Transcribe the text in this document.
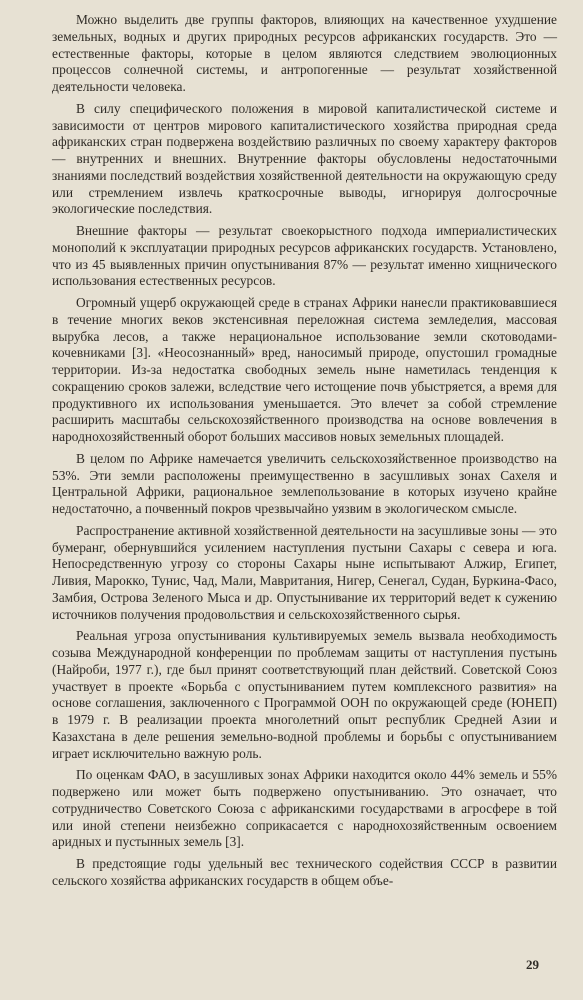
Можно выделить две группы факторов, влияющих на качественное ухудшение земельных, водных и других природных ресурсов африканских государств. Это — естественные факторы, которые в целом являются следствием эволюционных процессов солнечной системы, и антропогенные — результат хозяйственной деятельности человека.

В силу специфического положения в мировой капиталистической системе и зависимости от центров мирового капиталистического хозяйства природная среда африканских стран подвержена воздействию различных по своему характеру факторов — внутренних и внешних. Внутренние факторы обусловлены недостаточными знаниями последствий воздействия хозяйственной деятельности на окружающую среду или стремлением извлечь краткосрочные выводы, игнорируя долгосрочные экологические последствия.

Внешние факторы — результат своекорыстного подхода империалистических монополий к эксплуатации природных ресурсов африканских государств. Установлено, что из 45 выявленных причин опустынивания 87% — результат именно хищнического использования естественных ресурсов.

Огромный ущерб окружающей среде в странах Африки нанесли практиковавшиеся в течение многих веков экстенсивная переложная система земледелия, массовая вырубка лесов, а также нерациональное использование земли скотоводами-кочевниками [3]. «Неосознанный» вред, наносимый природе, опустошил громадные территории. Из-за недостатка свободных земель ныне наметилась тенденция к сокращению сроков залежи, вследствие чего истощение почв убыстряется, а время для продуктивного их использования уменьшается. Это влечет за собой стремление расширить масштабы сельскохозяйственного производства на основе вовлечения в народнохозяйственный оборот больших массивов новых земельных площадей.

В целом по Африке намечается увеличить сельскохозяйственное производство на 53%. Эти земли расположены преимущественно в засушливых зонах Сахеля и Центральной Африки, рациональное землепользование в которых изучено крайне недостаточно, а почвенный покров чрезвычайно уязвим в экологическом смысле.

Распространение активной хозяйственной деятельности на засушливые зоны — это бумеранг, обернувшийся усилением наступления пустыни Сахары с севера и юга. Непосредственную угрозу со стороны Сахары ныне испытывают Алжир, Египет, Ливия, Марокко, Тунис, Чад, Мали, Мавритания, Нигер, Сенегал, Судан, Буркина-Фасо, Замбия, Острова Зеленого Мыса и др. Опустынивание их территорий ведет к сужению источников получения продовольствия и сельскохозяйственного сырья.

Реальная угроза опустынивания культивируемых земель вызвала необходимость созыва Международной конференции по проблемам защиты от наступления пустынь (Найроби, 1977 г.), где был принят соответствующий план действий. Советской Союз участвует в проекте «Борьба с опустыниванием путем комплексного развития» на основе соглашения, заключенного с Программой ООН по окружающей среде (ЮНЕП) в 1979 г. В реализации проекта многолетний опыт республик Средней Азии и Казахстана в деле решения земельно-водной проблемы и борьбы с опустыниванием играет исключительно важную роль.

По оценкам ФАО, в засушливых зонах Африки находится около 44% земель и 55% подвержено или может быть подвержено опустыниванию. Это означает, что сотрудничество Советского Союза с африканскими государствами в агросфере в той или иной степени неизбежно соприкасается с народнохозяйственным освоением аридных и пустынных земель [3].

В предстоящие годы удельный вес технического содействия СССР в развитии сельского хозяйства африканских государств в общем объе-

29
